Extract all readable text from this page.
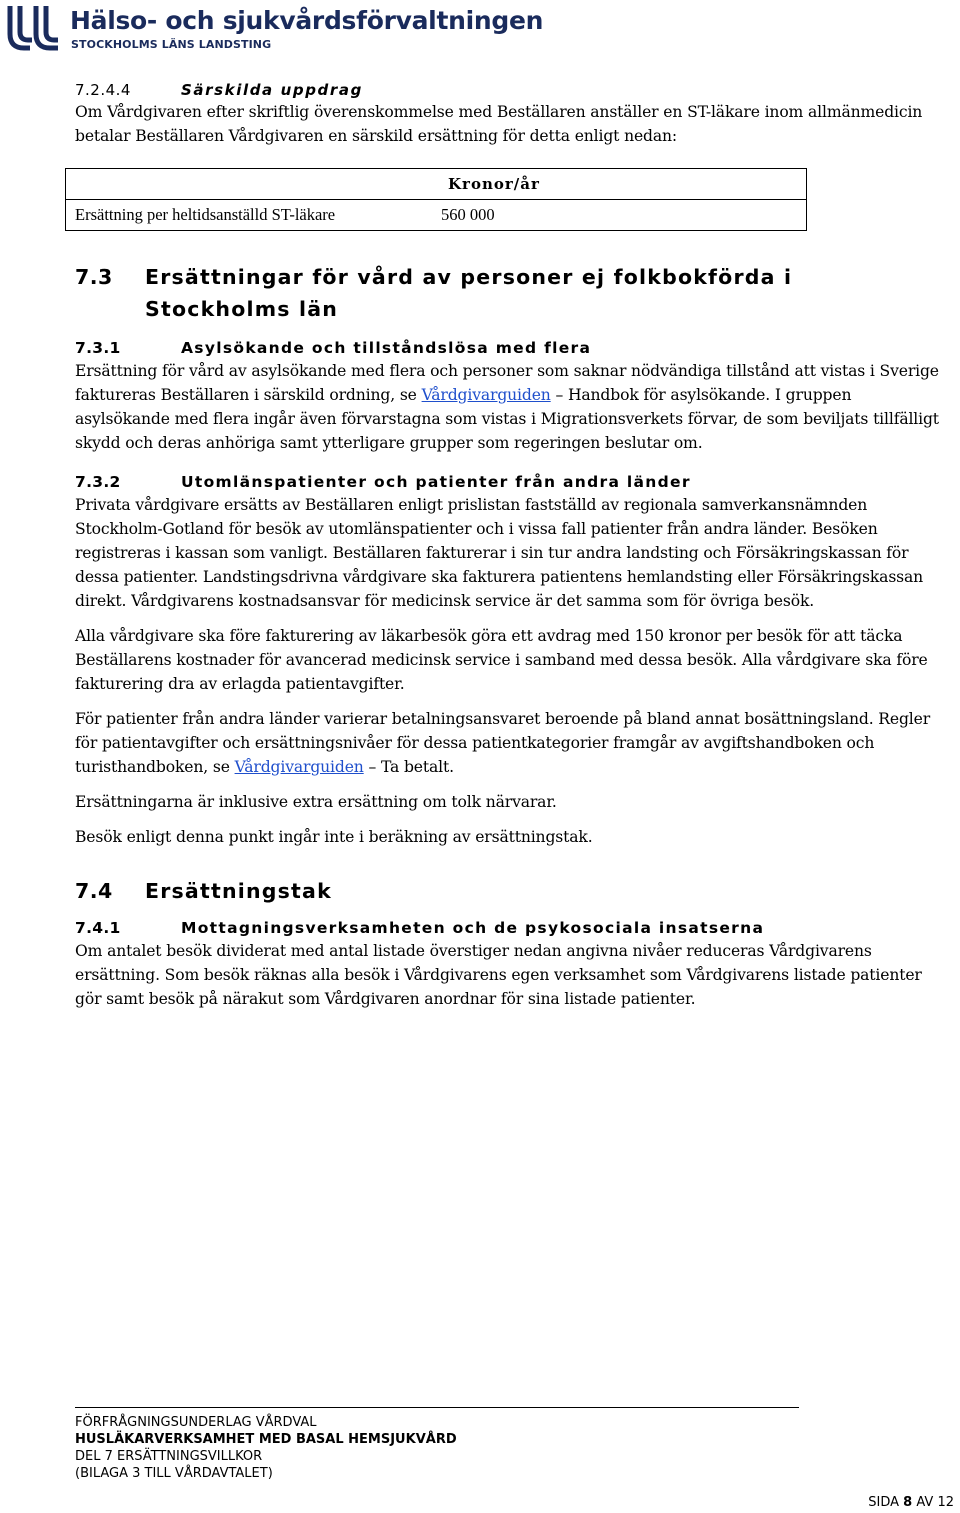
Hälso- och sjukvårdsförvaltningen
STOCKHOLMS LÄNS LANDSTING
7.2.4.4	Särskilda uppdrag

Om Vårdgivaren efter skriftlig överenskommelse med Beställaren anställer en ST-läkare inom allmänmedicin betalar Beställaren Vårdgivaren en särskild ersättning för detta enligt nedan:

	Kronor/år
Ersättning per heltidsanställd ST-läkare	560 000
7.3 Ersättningar för vård av personer ej folkbokförda i
Stockholms län
7.3.1	Asylsökande och tillståndslösa med flera

Ersättning för vård av asylsökande med flera och personer som saknar nödvändiga tillstånd att vistas i Sverige faktureras Beställaren i särskild ordning, se Vårdgivarguiden – Handbok för asylsökande. I gruppen asylsökande med flera ingår även förvarstagna som vistas i Migrationsverkets förvar, de som beviljats tillfälligt skydd och deras anhöriga samt ytterligare grupper som regeringen beslutar om.

7.3.2	Utomlänspatienter och patienter från andra länder

Privata vårdgivare ersätts av Beställaren enligt prislistan fastställd av regionala samverkansnämnden Stockholm-Gotland för besök av utomlänspatienter och i vissa fall patienter från andra länder. Besöken registreras i kassan som vanligt. Beställaren fakturerar i sin tur andra landsting och Försäkringskassan för dessa patienter. Landstingsdrivna vårdgivare ska fakturera patientens hemlandsting eller Försäkringskassan direkt. Vårdgivarens kostnadsansvar för medicinsk service är det samma som för övriga besök.

Alla vårdgivare ska före fakturering av läkarbesök göra ett avdrag med 150 kronor per besök för att täcka Beställarens kostnader för avancerad medicinsk service i samband med dessa besök. Alla vårdgivare ska före fakturering dra av erlagda patientavgifter.

För patienter från andra länder varierar betalningsansvaret beroende på bland annat bosättningsland. Regler för patientavgifter och ersättningsnivåer för dessa patientkategorier framgår av avgiftshandboken och turisthandboken, se Vårdgivarguiden – Ta betalt.

Ersättningarna är inklusive extra ersättning om tolk närvarar.

Besök enligt denna punkt ingår inte i beräkning av ersättningstak.

7.4 Ersättningstak
7.4.1	Mottagningsverksamheten och de psykosociala insatserna

Om antalet besök dividerat med antal listade överstiger nedan angivna nivåer reduceras Vårdgivarens ersättning. Som besök räknas alla besök i Vårdgivarens egen verksamhet som Vårdgivarens listade patienter gör samt besök på närakut som Vårdgivaren anordnar för sina listade patienter.

FÖRFRÅGNINGSUNDERLAG VÅRDVAL
HUSLÄKARVERKSAMHET MED BASAL HEMSJUKVÅRD
DEL 7 ERSÄTTNINGSVILLKOR
(BILAGA 3 TILL VÅRDAVTALET)
SIDA 8 AV 12
